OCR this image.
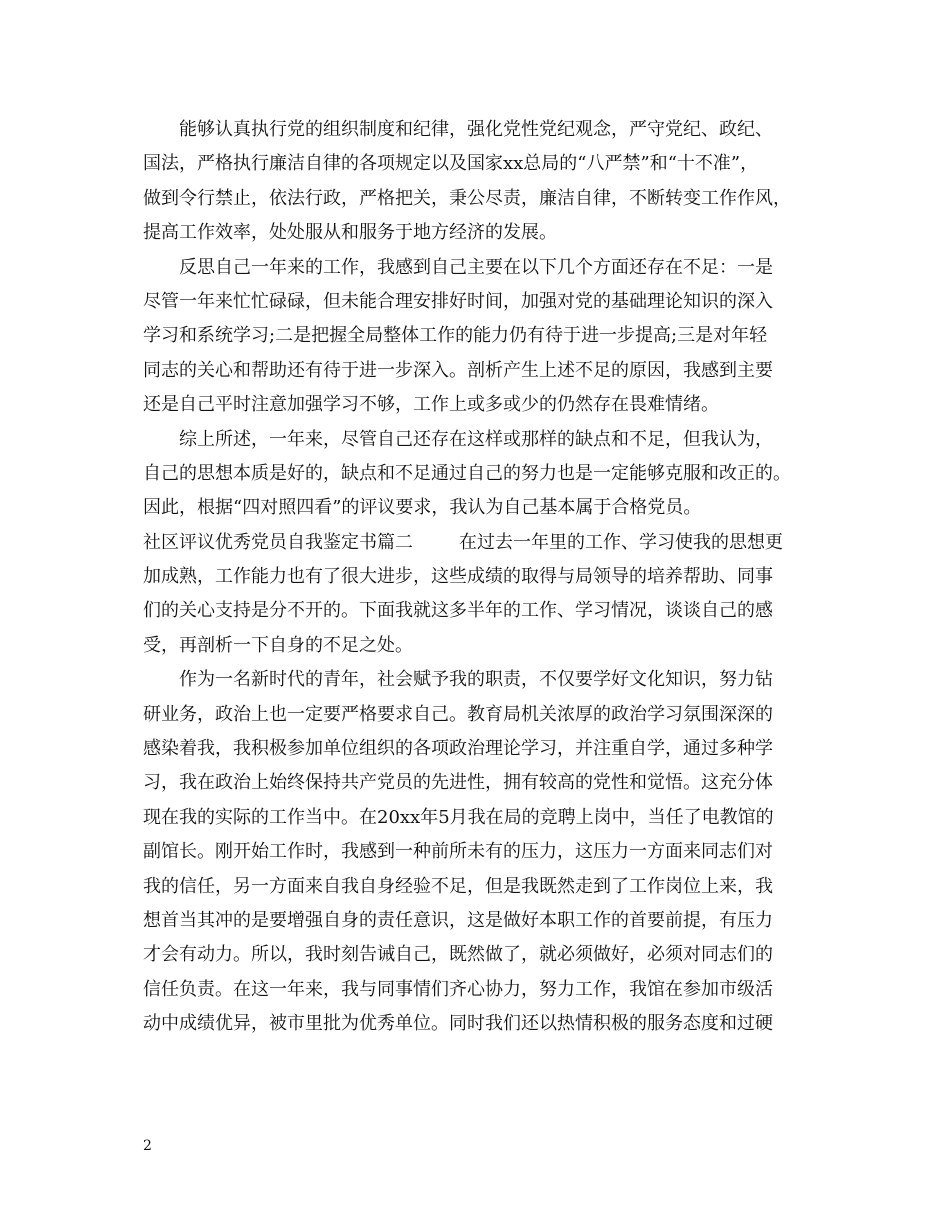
能够认真执行党的组织制度和纪律，强化党性党纪观念，严守党纪、政纪、
国法，严格执行廉洁自律的各项规定以及国家xx总局的“八严禁”和“十不准”，
做到令行禁止，依法行政，严格把关，秉公尽责，廉洁自律，不断转变工作作风，
提高工作效率，处处服从和服务于地方经济的发展。
反思自己一年来的工作，我感到自己主要在以下几个方面还存在不足：一是
尽管一年来忙忙碌碌，但未能合理安排好时间，加强对党的基础理论知识的深入
学习和系统学习;二是把握全局整体工作的能力仍有待于进一步提高;三是对年轻
同志的关心和帮助还有待于进一步深入。剖析产生上述不足的原因，我感到主要
还是自己平时注意加强学习不够，工作上或多或少的仍然存在畏难情绪。
综上所述，一年来，尽管自己还存在这样或那样的缺点和不足，但我认为，
自己的思想本质是好的，缺点和不足通过自己的努力也是一定能够克服和改正的。
因此，根据“四对照四看”的评议要求，我认为自己基本属于合格党员。
社区评议优秀党员自我鉴定书篇二	在过去一年里的工作、学习使我的思想更
加成熟，工作能力也有了很大进步，这些成绩的取得与局领导的培养帮助、同事
们的关心支持是分不开的。下面我就这多半年的工作、学习情况，谈谈自己的感
受，再剖析一下自身的不足之处。
作为一名新时代的青年，社会赋予我的职责，不仅要学好文化知识，努力钻
研业务，政治上也一定要严格要求自己。教育局机关浓厚的政治学习氛围深深的
感染着我，我积极参加单位组织的各项政治理论学习，并注重自学，通过多种学
习，我在政治上始终保持共产党员的先进性，拥有较高的党性和觉悟。这充分体
现在我的实际的工作当中。在20xx年5月我在局的竞聘上岗中，当任了电教馆的
副馆长。刚开始工作时，我感到一种前所未有的压力，这压力一方面来同志们对
我的信任，另一方面来自我自身经验不足，但是我既然走到了工作岗位上来，我
想首当其冲的是要增强自身的责任意识，这是做好本职工作的首要前提，有压力
才会有动力。所以，我时刻告诫自己，既然做了，就必须做好，必须对同志们的
信任负责。在这一年来，我与同事情们齐心协力，努力工作，我馆在参加市级活
动中成绩优异，被市里批为优秀单位。同时我们还以热情积极的服务态度和过硬
2
